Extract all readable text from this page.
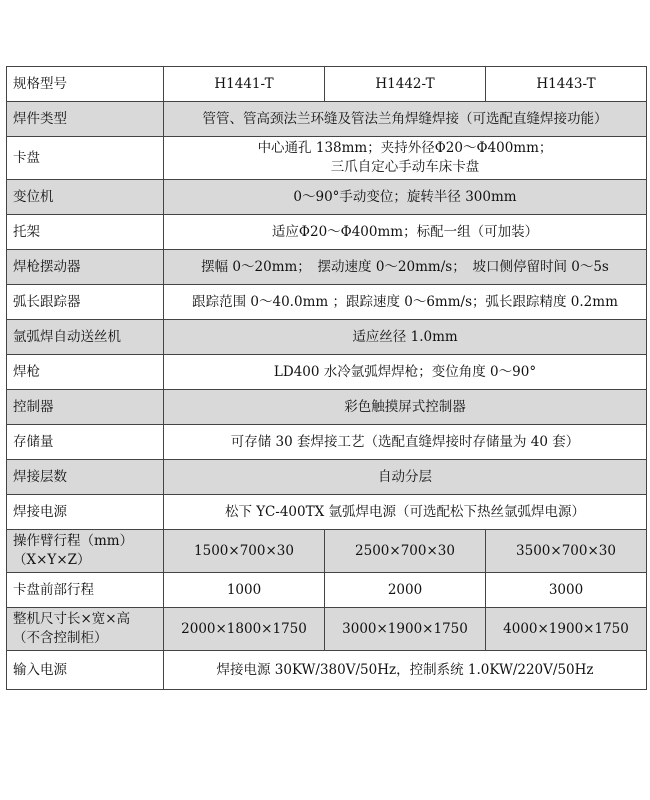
规格型号	H1441-T	H1442-T	H1443-T
焊件类型	管管、管高颈法兰环缝及管法兰角焊缝焊接（可选配直缝焊接功能）		
卡盘	中心通孔 138mm；夹持外径Φ20～Φ400mm；
三爪自定心手动车床卡盘		

变位机	0～90°手动变位；旋转半径 300mm		
托架	适应Φ20～Φ400mm；标配一组（可加装）		
焊枪摆动器	摆幅 0～20mm；　摆动速度 0～20mm/s；　坡口侧停留时间 0～5s		
弧长跟踪器	跟踪范围 0～40.0mm ；跟踪速度 0～6mm/s；弧长跟踪精度 0.2mm		
氩弧焊自动送丝机	适应丝径 1.0mm		
焊枪	LD400 水冷氩弧焊焊枪；变位角度 0～90°		
控制器	彩色触摸屏式控制器		
存储量	可存储 30 套焊接工艺（选配直缝焊接时存储量为 40 套）		
焊接层数	自动分层		
焊接电源	松下 YC-400TX 氩弧焊电源（可选配松下热丝氩弧焊电源）		

操作臂行程（mm）
（X×Y×Z）	1500×700×30	2500×700×30	3500×700×30
卡盘前部行程	1000	2000	3000

整机尺寸长×宽×高
（不含控制柜）	2000×1800×1750	3000×1900×1750	4000×1900×1750
输入电源	焊接电源 30KW/380V/50Hz，控制系统 1.0KW/220V/50Hz		
